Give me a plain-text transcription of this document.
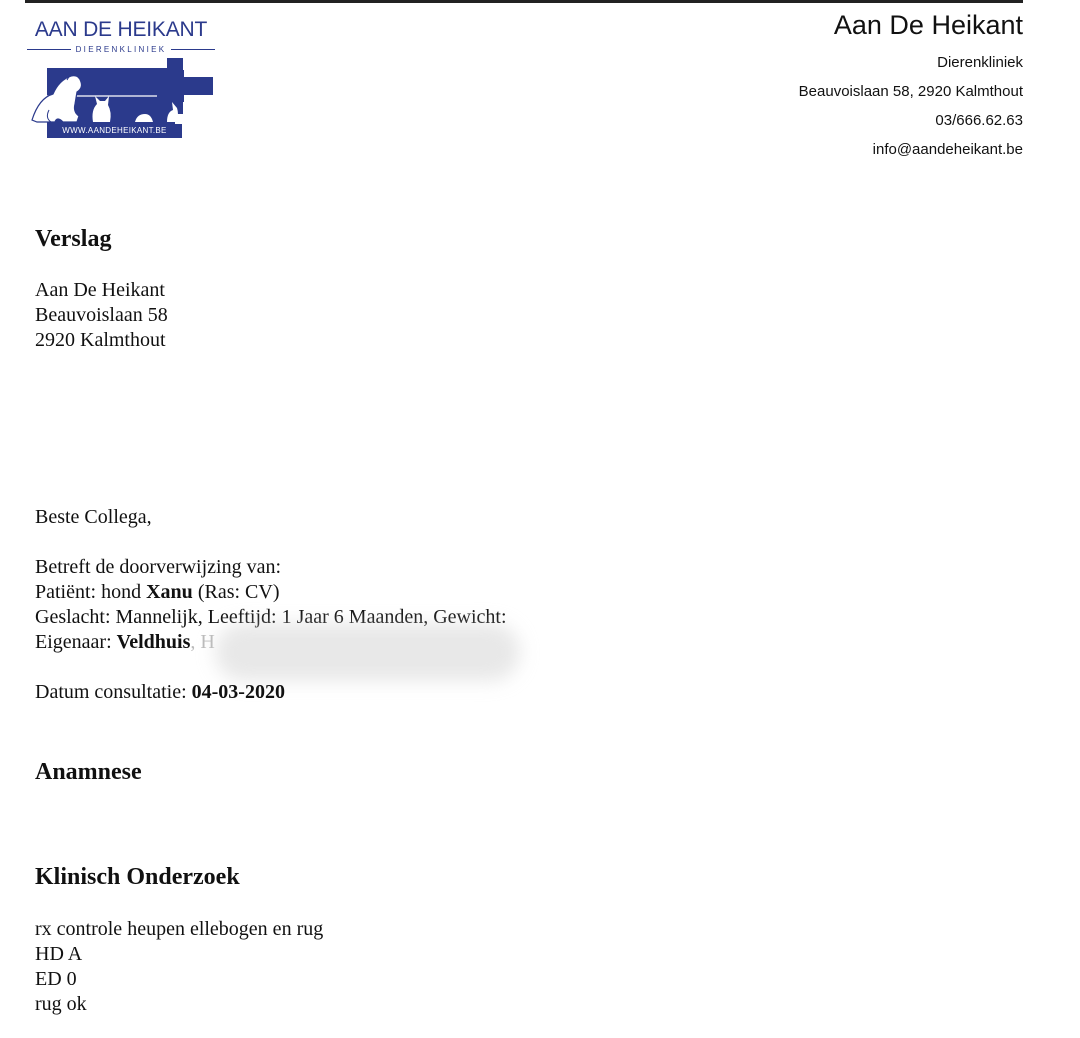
AAN DE HEIKANT
DIERENKLINIEK
WWW.AANDEHEIKANT.BE
Aan De Heikant
Dierenkliniek
Beauvoislaan 58, 2920 Kalmthout
03/666.62.63
info@aandeheikant.be
Verslag
Aan De Heikant
Beauvoislaan 58
2920 Kalmthout
Beste Collega,
Betreft de doorverwijzing van:
Patiënt: hond Xanu (Ras: CV)
Geslacht: Mannelijk, Leeftijd: 1 Jaar 6 Maanden, Gewicht:
Eigenaar: Veldhuis, H
Datum consultatie: 04-03-2020
Anamnese
Klinisch Onderzoek
rx controle heupen ellebogen en rug
HD A
ED 0
rug ok
